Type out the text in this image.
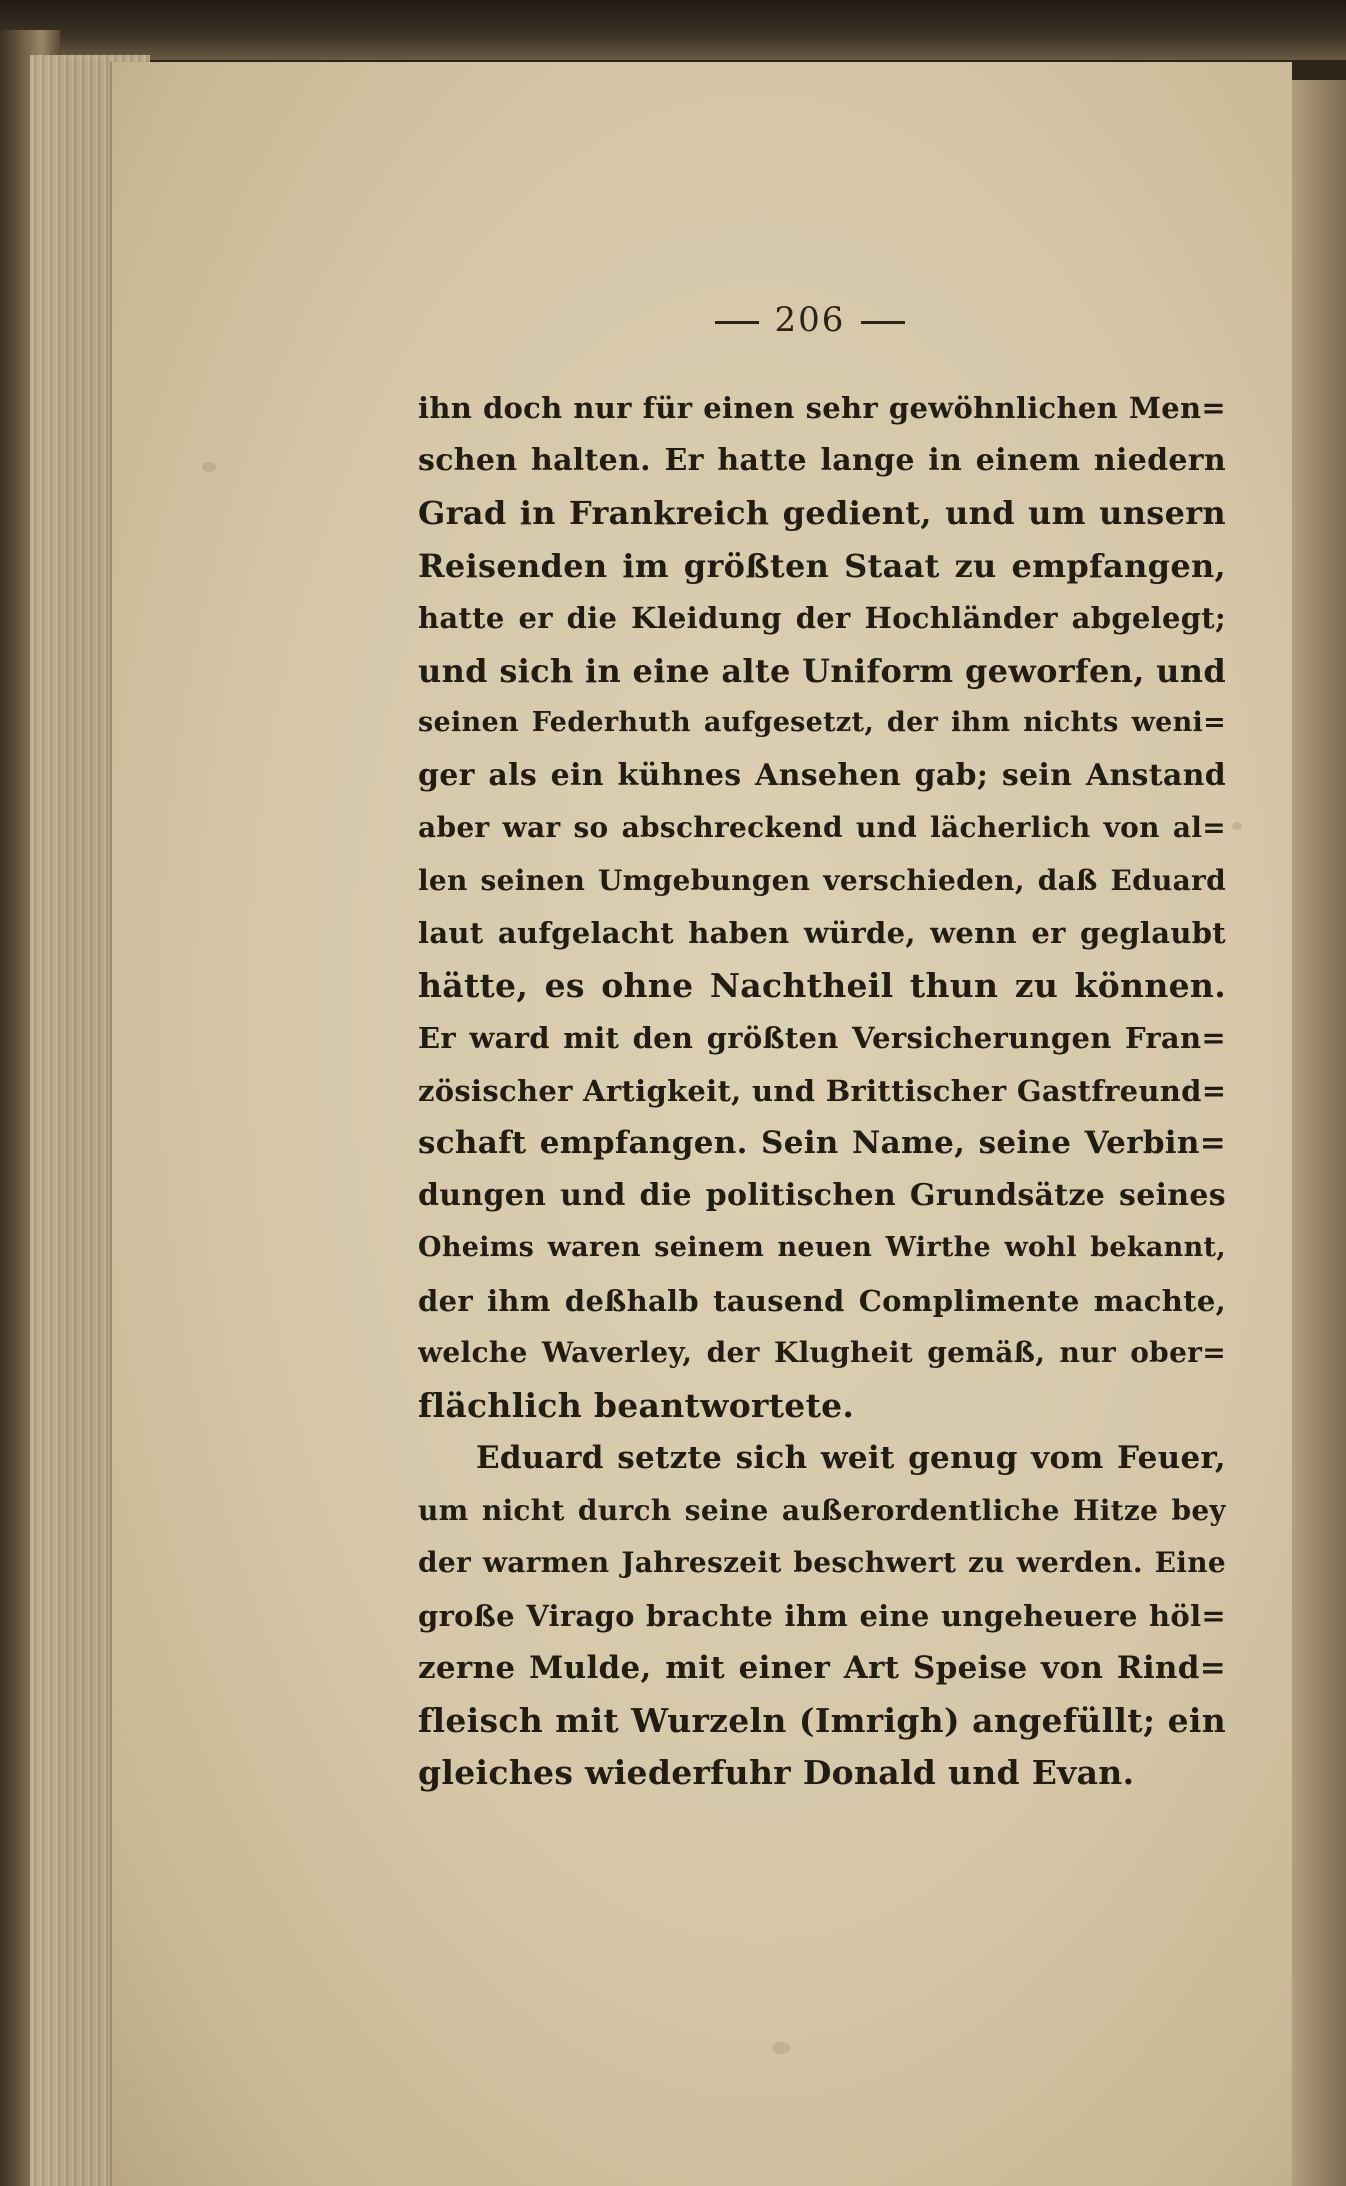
206
ihn doch nur für einen sehr gewöhnlichen Men=
schen halten. Er hatte lange in einem niedern
Grad in Frankreich gedient, und um unsern
Reisenden im größten Staat zu empfangen,
hatte er die Kleidung der Hochländer abgelegt;
und sich in eine alte Uniform geworfen, und
seinen Federhuth aufgesetzt, der ihm nichts weni=
ger als ein kühnes Ansehen gab; sein Anstand
aber war so abschreckend und lächerlich von al=
len seinen Umgebungen verschieden, daß Eduard
laut aufgelacht haben würde, wenn er geglaubt
hätte, es ohne Nachtheil thun zu können.
Er ward mit den größten Versicherungen Fran=
zösischer Artigkeit, und Brittischer Gastfreund=
schaft empfangen. Sein Name, seine Verbin=
dungen und die politischen Grundsätze seines
Oheims waren seinem neuen Wirthe wohl bekannt,
der ihm deßhalb tausend Complimente machte,
welche Waverley, der Klugheit gemäß, nur ober=
flächlich beantwortete.
Eduard setzte sich weit genug vom Feuer,
um nicht durch seine außerordentliche Hitze bey
der warmen Jahreszeit beschwert zu werden. Eine
große Virago brachte ihm eine ungeheuere höl=
zerne Mulde, mit einer Art Speise von Rind=
fleisch mit Wurzeln (Imrigh) angefüllt; ein
gleiches wiederfuhr Donald und Evan.
